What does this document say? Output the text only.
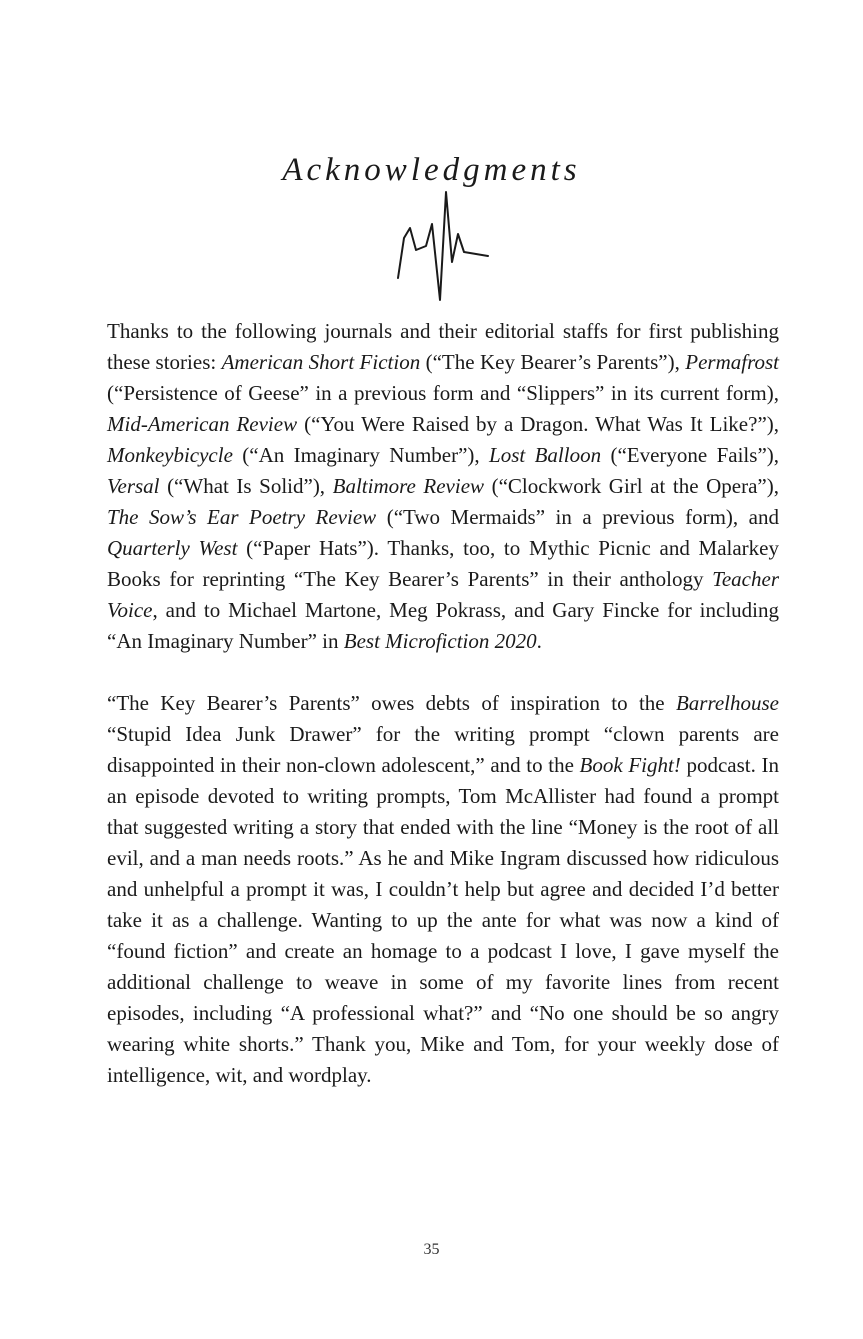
Acknowledgments

Thanks to the following journals and their editorial staffs for first publishing these stories: American Short Fiction (“The Key Bearer’s Parents”), Permafrost (“Persistence of Geese” in a previous form and “Slippers” in its current form), Mid-American Review (“You Were Raised by a Dragon. What Was It Like?”), Monkeybicycle (“An Imaginary Number”), Lost Balloon (“Everyone Fails”), Versal (“What Is Solid”), Baltimore Review (“Clockwork Girl at the Opera”), The Sow’s Ear Poetry Review (“Two Mermaids” in a previous form), and Quarterly West (“Paper Hats”). Thanks, too, to Mythic Picnic and Malarkey Books for reprinting “The Key Bearer’s Parents” in their anthology Teacher Voice, and to Michael Martone, Meg Pokrass, and Gary Fincke for including “An Imaginary Number” in Best Microfiction 2020.

“The Key Bearer’s Parents” owes debts of inspiration to the Barrelhouse “Stupid Idea Junk Drawer” for the writing prompt “clown parents are disappointed in their non-clown adolescent,” and to the Book Fight! podcast. In an episode devoted to writing prompts, Tom McAllister had found a prompt that suggested writing a story that ended with the line “Money is the root of all evil, and a man needs roots.” As he and Mike Ingram discussed how ridiculous and unhelpful a prompt it was, I couldn’t help but agree and decided I’d better take it as a challenge. Wanting to up the ante for what was now a kind of “found fiction” and create an homage to a podcast I love, I gave myself the additional challenge to weave in some of my favorite lines from recent episodes, including “A professional what?” and “No one should be so angry wearing white shorts.” Thank you, Mike and Tom, for your weekly dose of intelligence, wit, and wordplay.

35
